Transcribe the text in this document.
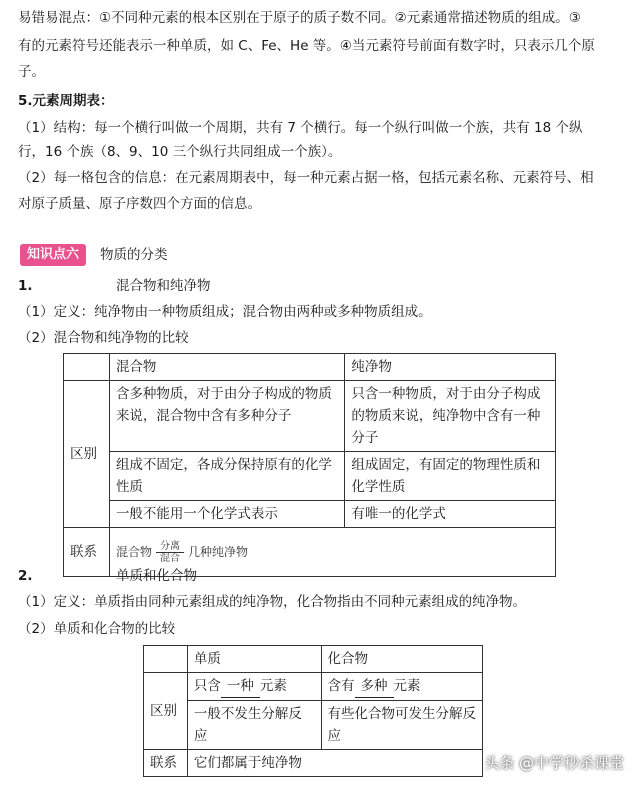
易错易混点：①不同种元素的根本区别在于原子的质子数不同。②元素通常描述物质的组成。③
有的元素符号还能表示一种单质，如 C、Fe、He 等。④当元素符号前面有数字时，只表示几个原
子。
5.元素周期表：
（1）结构：每一个横行叫做一个周期，共有 7 个横行。每一个纵行叫做一个族，共有 18 个纵
行，16 个族（8、9、10 三个纵行共同组成一个族）。
（2）每一格包含的信息：在元素周期表中，每一种元素占据一格，包括元素名称、元素符号、相
对原子质量、原子序数四个方面的信息。
知识点六	物质的分类
1.	混合物和纯净物
（1）定义：纯净物由一种物质组成；混合物由两种或多种物质组成。
（2）混合物和纯净物的比较
	混合物	纯净物
区别	含多种物质，对于由分子构成的物质来说，混合物中含有多种分子	只含一种物质，对于由分子构成的物质来说，纯净物中含有一种分子
	组成不固定，各成分保持原有的化学性质	组成固定，有固定的物理性质和化学性质
	一般不能用一个化学式表示	有唯一的化学式
联系	混合物 $\frac{\text{分离}}{\text{混合}}$ 几种纯净物	
2.	单质和化合物
（1）定义：单质指由同种元素组成的纯净物，化合物指由不同种元素组成的纯净物。
（2）单质和化合物的比较
	单质	化合物
区别	只含 一种 元素	含有 多种 元素
	一般不发生分解反应	有些化合物可发生分解反应
联系	它们都属于纯净物		头条 @中学秒杀课堂
